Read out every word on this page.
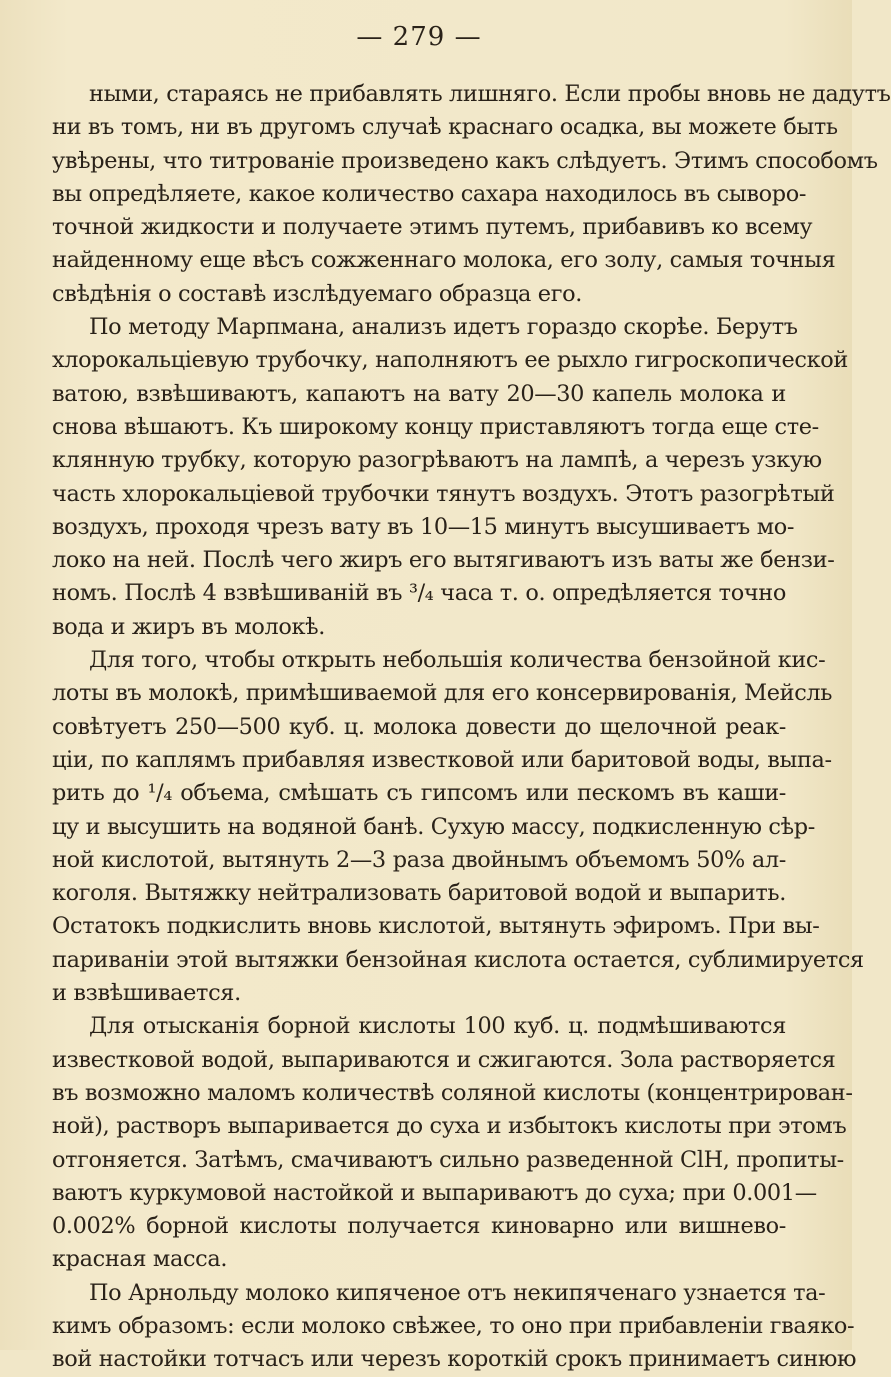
— 279 —
ными, стараясь не прибавлять лишняго. Если пробы вновь не дадутъ
ни въ томъ, ни въ другомъ случаѣ краснаго осадка, вы можете быть
увѣрены, что титрованіе произведено какъ слѣдуетъ. Этимъ способомъ
вы опредѣляете, какое количество сахара находилось въ сыворо-
точной жидкости и получаете этимъ путемъ, прибавивъ ко всему
найденному еще вѣсъ сожженнаго молока, его золу, самыя точныя
свѣдѣнія о составѣ изслѣдуемаго образца его.
По методу Марпмана, анализъ идетъ гораздо скорѣе. Берутъ
хлорокальціевую трубочку, наполняютъ ее рыхло гигроскопической
ватою, взвѣшиваютъ, капаютъ на вату 20—30 капель молока и
снова вѣшаютъ. Къ широкому концу приставляютъ тогда еще сте-
клянную трубку, которую разогрѣваютъ на лампѣ, а черезъ узкую
часть хлорокальціевой трубочки тянутъ воздухъ. Этотъ разогрѣтый
воздухъ, проходя чрезъ вату въ 10—15 минутъ высушиваетъ мо-
локо на ней. Послѣ чего жиръ его вытягиваютъ изъ ваты же бензи-
номъ. Послѣ 4 взвѣшиваній въ ³/₄ часа т. о. опредѣляется точно
вода и жиръ въ молокѣ.
Для того, чтобы открыть небольшія количества бензойной кис-
лоты въ молокѣ, примѣшиваемой для его консервированія, Мейсль
совѣтуетъ 250—500 куб. ц. молока довести до щелочной реак-
ціи, по каплямъ прибавляя известковой или баритовой воды, выпа-
рить до ¹/₄ объема, смѣшать съ гипсомъ или пескомъ въ каши-
цу и высушить на водяной банѣ. Сухую массу, подкисленную сѣр-
ной кислотой, вытянуть 2—3 раза двойнымъ объемомъ 50% ал-
коголя. Вытяжку нейтрализовать баритовой водой и выпарить.
Остатокъ подкислить вновь кислотой, вытянуть эфиромъ. При вы-
париваніи этой вытяжки бензойная кислота остается, сублимируется
и взвѣшивается.
Для отысканія борной кислоты 100 куб. ц. подмѣшиваются
известковой водой, выпариваются и сжигаются. Зола растворяется
въ возможно маломъ количествѣ соляной кислоты (концентрирован-
ной), растворъ выпаривается до суха и избытокъ кислоты при этомъ
отгоняется. Затѣмъ, смачиваютъ сильно разведенной ClH, пропиты-
ваютъ куркумовой настойкой и выпариваютъ до суха; при 0.001—
0.002% борной кислоты получается киноварно или вишнево-
красная масса.
По Арнольду молоко кипяченое отъ некипяченаго узнается та-
кимъ образомъ: если молоко свѣжее, то оно при прибавленіи гваяко-
вой настойки тотчасъ или черезъ короткій срокъ принимаетъ синюю
